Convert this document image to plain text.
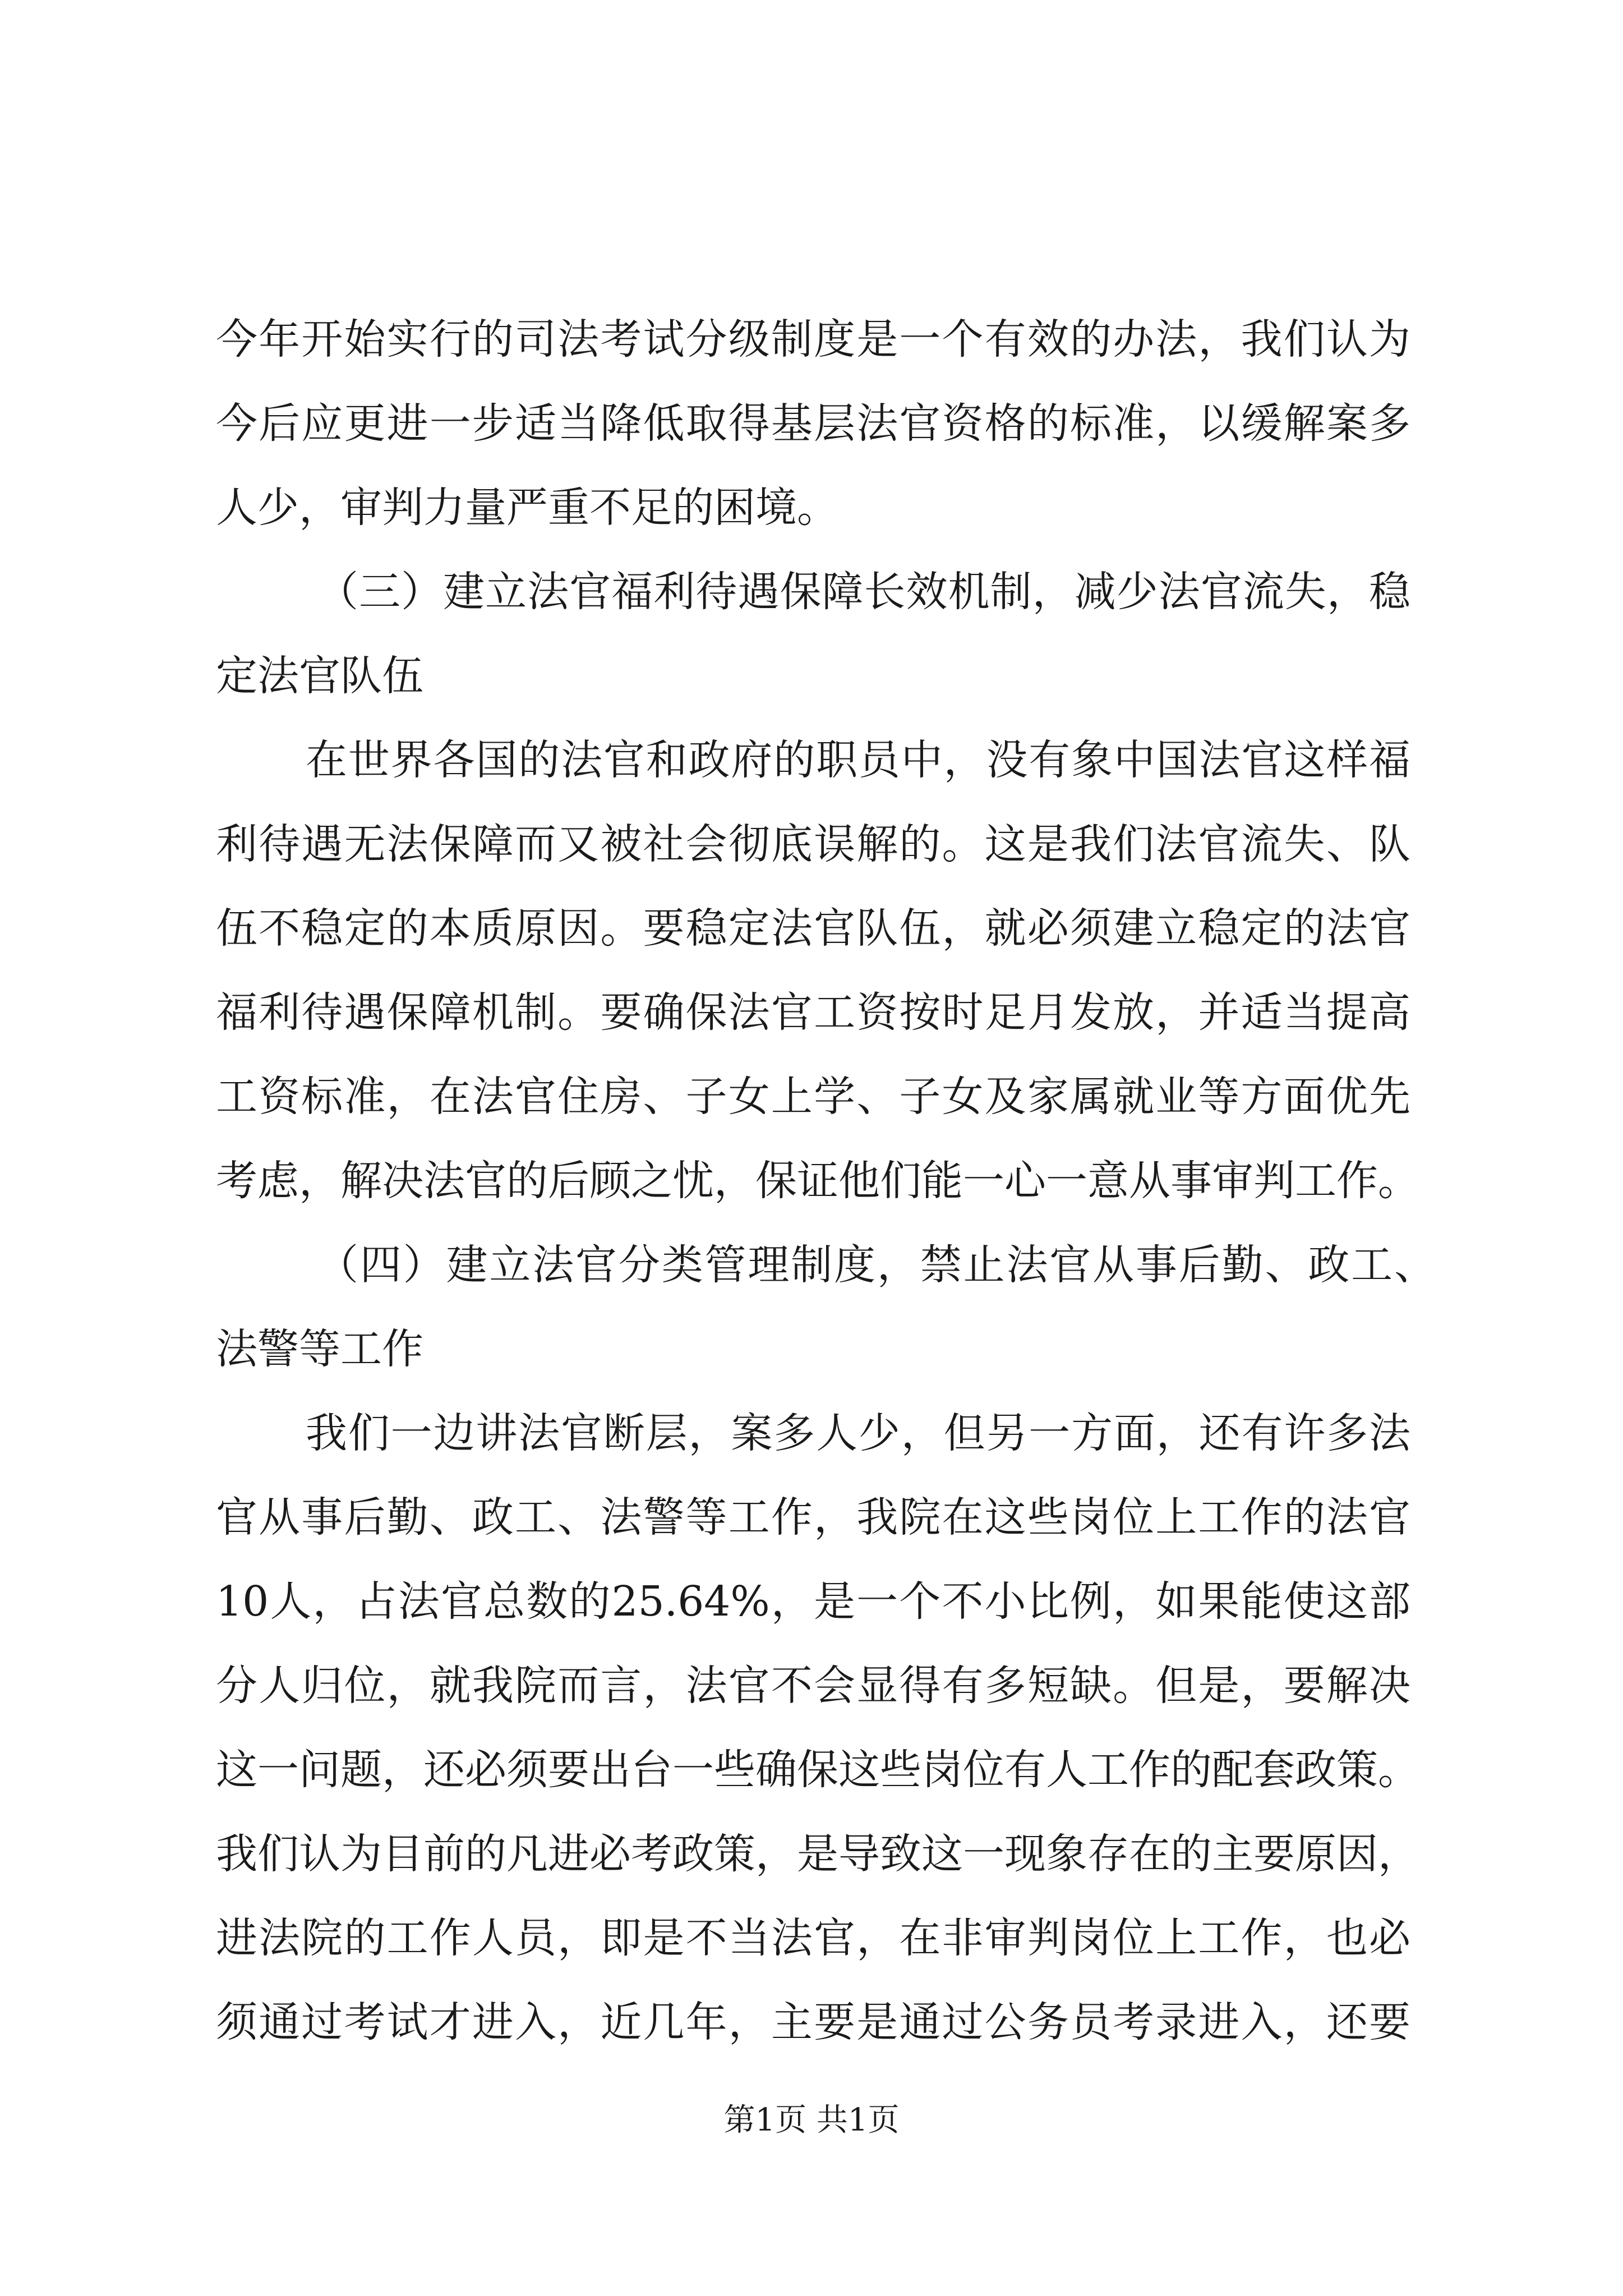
今年开始实行的司法考试分级制度是一个有效的办法，我们认为
今后应更进一步适当降低取得基层法官资格的标准，以缓解案多
人少，审判力量严重不足的困境。
（三）建立法官福利待遇保障长效机制，减少法官流失，稳
定法官队伍
在世界各国的法官和政府的职员中，没有象中国法官这样福
利待遇无法保障而又被社会彻底误解的。这是我们法官流失、队
伍不稳定的本质原因。要稳定法官队伍，就必须建立稳定的法官
福利待遇保障机制。要确保法官工资按时足月发放，并适当提高
工资标准，在法官住房、子女上学、子女及家属就业等方面优先
考虑，解决法官的后顾之忧，保证他们能一心一意从事审判工作。
（四）建立法官分类管理制度，禁止法官从事后勤、政工、
法警等工作
我们一边讲法官断层，案多人少，但另一方面，还有许多法
官从事后勤、政工、法警等工作，我院在这些岗位上工作的法官
10人，占法官总数的25.64%，是一个不小比例，如果能使这部
分人归位，就我院而言，法官不会显得有多短缺。但是，要解决
这一问题，还必须要出台一些确保这些岗位有人工作的配套政策。
我们认为目前的凡进必考政策，是导致这一现象存在的主要原因，
进法院的工作人员，即是不当法官，在非审判岗位上工作，也必
须通过考试才进入，近几年，主要是通过公务员考录进入，还要
第1页 共1页
